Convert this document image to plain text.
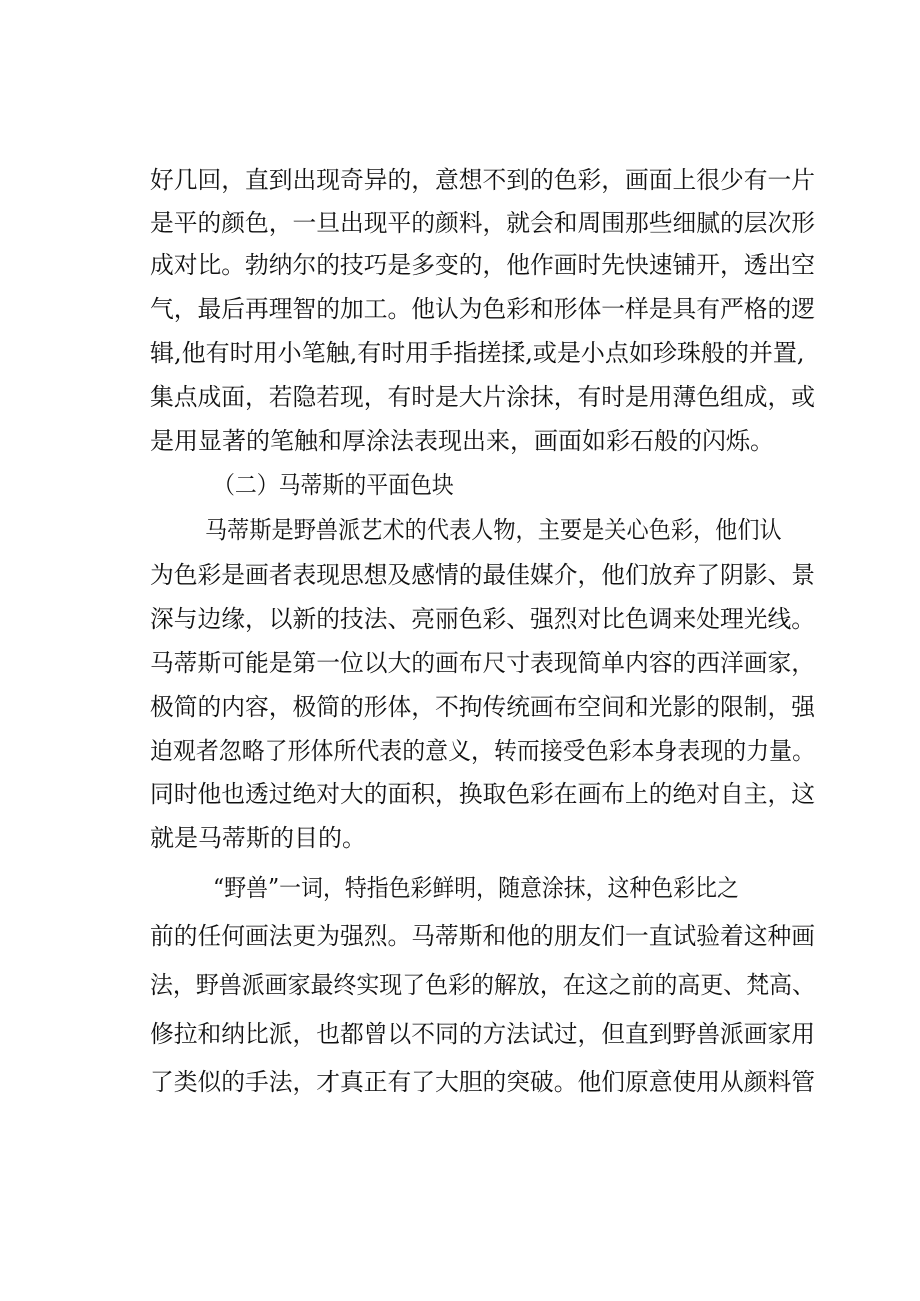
好几回，直到出现奇异的，意想不到的色彩，画面上很少有一片
是平的颜色，一旦出现平的颜料，就会和周围那些细腻的层次形
成对比。勃纳尔的技巧是多变的，他作画时先快速铺开，透出空
气，最后再理智的加工。他认为色彩和形体一样是具有严格的逻
辑,他有时用小笔触,有时用手指搓揉,或是小点如珍珠般的并置,
集点成面，若隐若现，有时是大片涂抹，有时是用薄色组成，或
是用显著的笔触和厚涂法表现出来，画面如彩石般的闪烁。
（二）马蒂斯的平面色块
马蒂斯是野兽派艺术的代表人物，主要是关心色彩，他们认
为色彩是画者表现思想及感情的最佳媒介，他们放弃了阴影、景
深与边缘，以新的技法、亮丽色彩、强烈对比色调来处理光线。
马蒂斯可能是第一位以大的画布尺寸表现简单内容的西洋画家，
极简的内容，极简的形体，不拘传统画布空间和光影的限制，强
迫观者忽略了形体所代表的意义，转而接受色彩本身表现的力量。
同时他也透过绝对大的面积，换取色彩在画布上的绝对自主，这
就是马蒂斯的目的。
“野兽”一词，特指色彩鲜明，随意涂抹，这种色彩比之
前的任何画法更为强烈。马蒂斯和他的朋友们一直试验着这种画
法，野兽派画家最终实现了色彩的解放，在这之前的高更、梵高、
修拉和纳比派，也都曾以不同的方法试过，但直到野兽派画家用
了类似的手法，才真正有了大胆的突破。他们原意使用从颜料管
